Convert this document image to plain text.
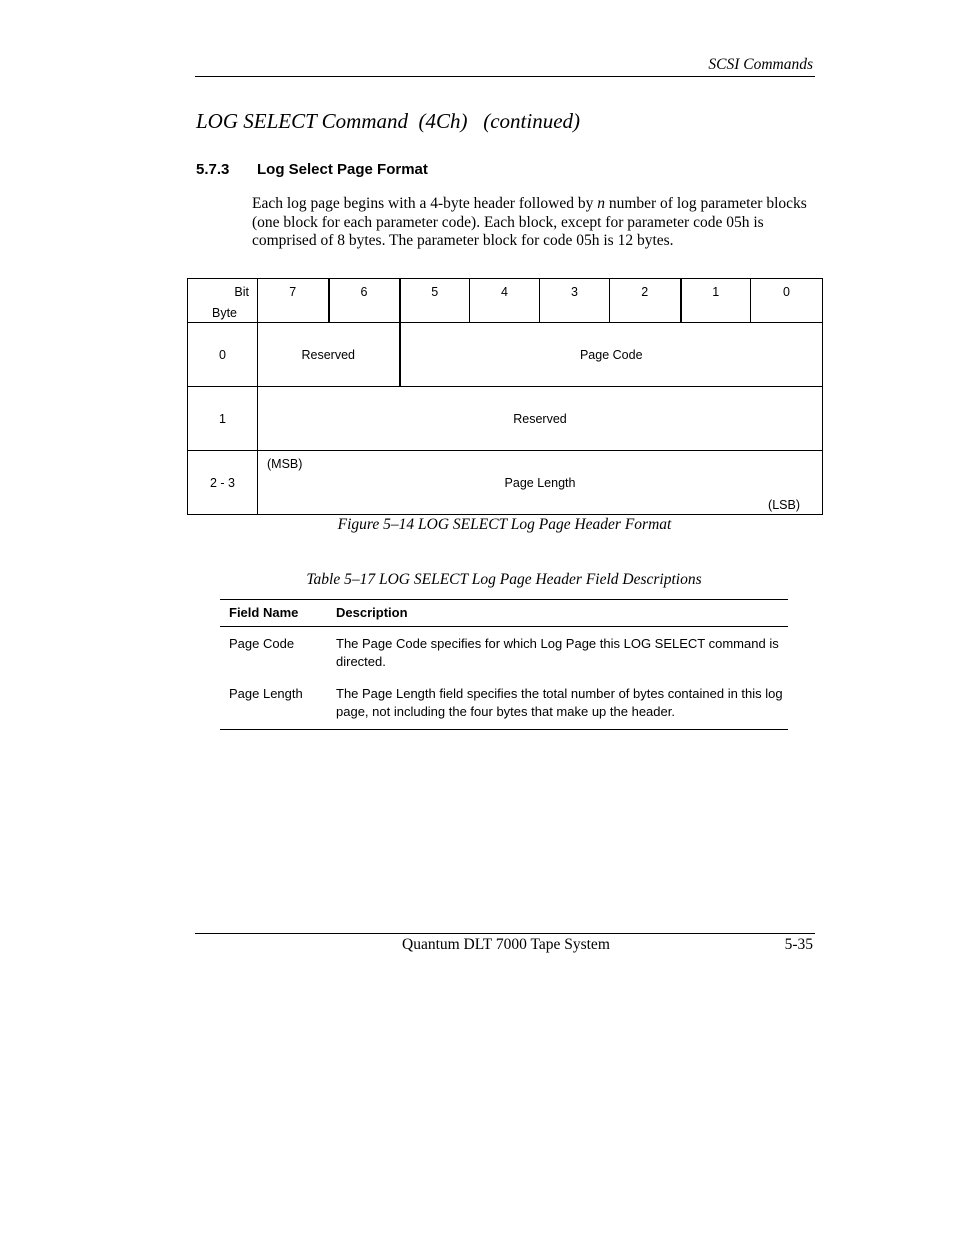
SCSI Commands
LOG SELECT Command  (4Ch)   (continued)
5.7.3 Log Select Page Format
Each log page begins with a 4-byte header followed by n number of log parameter blocks (one block for each parameter code). Each block, except for parameter code 05h is comprised of 8 bytes. The parameter block for code 05h is 12 bytes.
Bit
Byte	7	6	5	4	3	2	1	0
0	Reserved		Page Code					
1	Reserved							
2 - 3	(MSB)
Page Length
(LSB)							
Figure 5–14 LOG SELECT Log Page Header Format
Table 5–17 LOG SELECT Log Page Header Field Descriptions
Field Name	Description
Page Code	The Page Code specifies for which Log Page this LOG SELECT command is directed.
Page Length	The Page Length field specifies the total number of bytes contained in this log page, not including the four bytes that make up the header.
Quantum DLT 7000 Tape System	5-35
